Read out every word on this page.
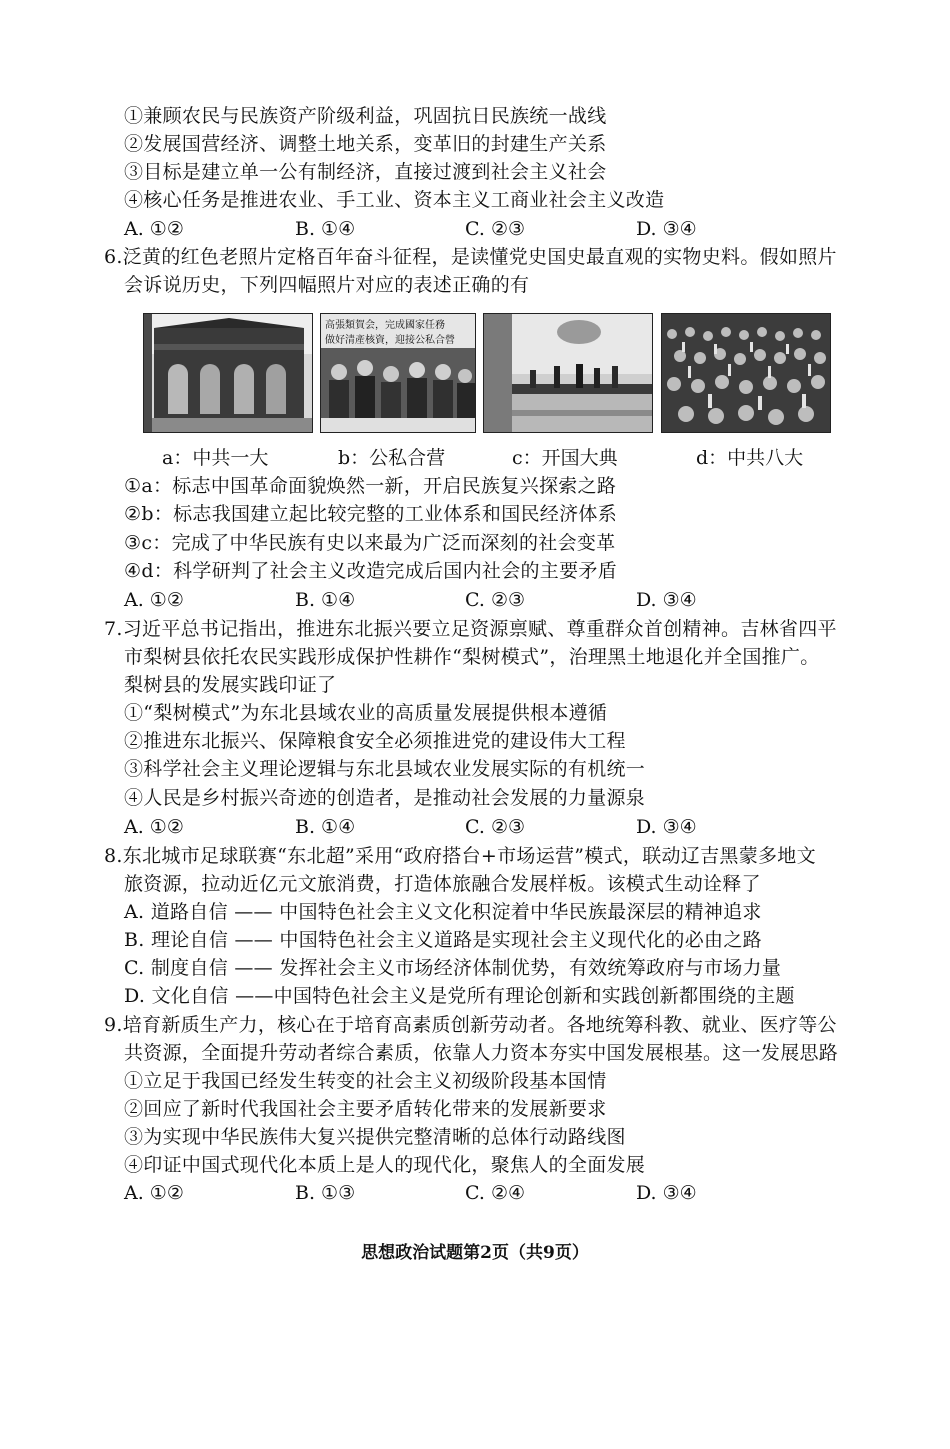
①兼顾农民与民族资产阶级利益，巩固抗日民族统一战线
②发展国营经济、调整土地关系，变革旧的封建生产关系
③目标是建立单一公有制经济，直接过渡到社会主义社会
④核心任务是推进农业、手工业、资本主义工商业社会主义改造
A. ①②	B. ①④	C. ②③	D. ③④
6.泛黄的红色老照片定格百年奋斗征程，是读懂党史国史最直观的实物史料。假如照片
会诉说历史，下列四幅照片对应的表述正确的有
高張類賀会，完成國家任務
做好清產核資，迎接公私合營
a：中共一大	b：公私合营	c：开国大典	d：中共八大
①a：标志中国革命面貌焕然一新，开启民族复兴探索之路
②b：标志我国建立起比较完整的工业体系和国民经济体系
③c：完成了中华民族有史以来最为广泛而深刻的社会变革
④d：科学研判了社会主义改造完成后国内社会的主要矛盾
A. ①②	B. ①④	C. ②③	D. ③④
7.习近平总书记指出，推进东北振兴要立足资源禀赋、尊重群众首创精神。吉林省四平
市梨树县依托农民实践形成保护性耕作“梨树模式”，治理黑土地退化并全国推广。
梨树县的发展实践印证了
①“梨树模式”为东北县域农业的高质量发展提供根本遵循
②推进东北振兴、保障粮食安全必须推进党的建设伟大工程
③科学社会主义理论逻辑与东北县域农业发展实际的有机统一
④人民是乡村振兴奇迹的创造者，是推动社会发展的力量源泉
A. ①②	B. ①④	C. ②③	D. ③④
8.东北城市足球联赛“东北超”采用“政府搭台+市场运营”模式，联动辽吉黑蒙多地文
旅资源，拉动近亿元文旅消费，打造体旅融合发展样板。该模式生动诠释了
A. 道路自信 —— 中国特色社会主义文化积淀着中华民族最深层的精神追求
B. 理论自信 —— 中国特色社会主义道路是实现社会主义现代化的必由之路
C. 制度自信 —— 发挥社会主义市场经济体制优势，有效统筹政府与市场力量
D. 文化自信 ——中国特色社会主义是党所有理论创新和实践创新都围绕的主题
9.培育新质生产力，核心在于培育高素质创新劳动者。各地统筹科教、就业、医疗等公
共资源，全面提升劳动者综合素质，依靠人力资本夯实中国发展根基。这一发展思路
①立足于我国已经发生转变的社会主义初级阶段基本国情
②回应了新时代我国社会主要矛盾转化带来的发展新要求
③为实现中华民族伟大复兴提供完整清晰的总体行动路线图
④印证中国式现代化本质上是人的现代化，聚焦人的全面发展
A. ①②	B. ①③	C. ②④	D. ③④
思想政治试题第2页（共9页）
